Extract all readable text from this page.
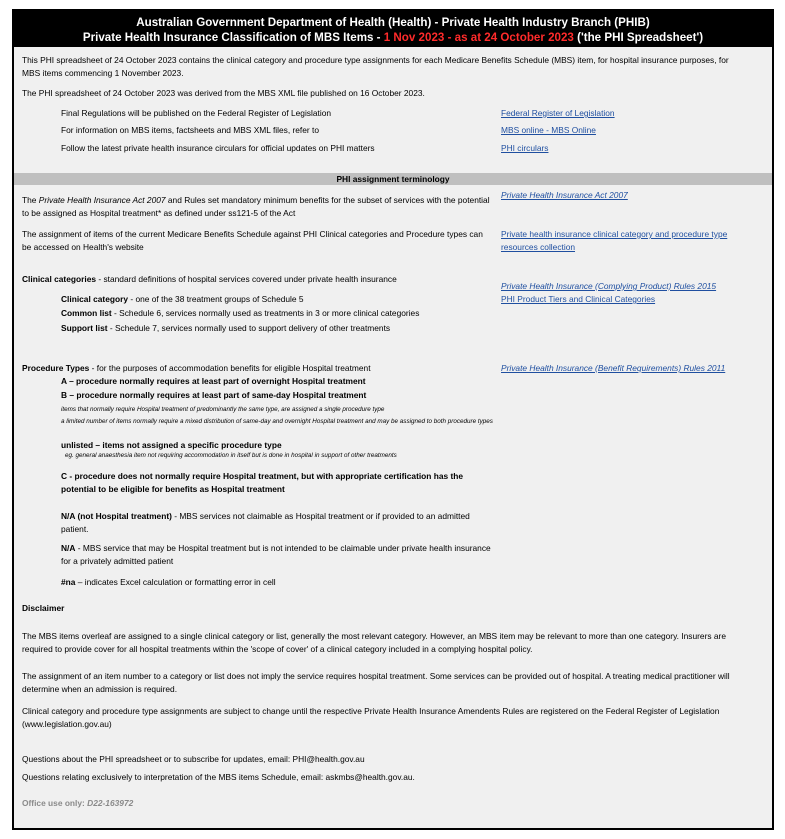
Australian Government Department of Health (Health) - Private Health Industry Branch (PHIB)
Private Health Insurance Classification of MBS Items - 1 Nov 2023 - as at 24 October 2023 ('the PHI Spreadsheet')
This PHI spreadsheet of 24 October 2023 contains the clinical category and procedure type assignments for each Medicare Benefits Schedule (MBS) item, for hospital insurance purposes, for MBS items commencing 1 November 2023.
The PHI spreadsheet of 24 October 2023 was derived from the MBS XML file published on 16 October 2023.
Final Regulations will be published on the Federal Register of Legislation	Federal Register of Legislation
For information on MBS items, factsheets and MBS XML files, refer to	MBS online - MBS Online
Follow the latest private health insurance circulars for official updates on PHI matters	PHI circulars
PHI assignment terminology
The Private Health Insurance Act 2007 and Rules set mandatory minimum benefits for the subset of services with the potential to be assigned as Hospital treatment* as defined under ss121-5 of the Act
Private Health Insurance Act 2007
The assignment of items of the current Medicare Benefits Schedule against PHI Clinical categories and Procedure types can be accessed on Health's website
Private health insurance clinical category and procedure type resources collection
Clinical categories - standard definitions of hospital services covered under private health insurance
Private Health Insurance (Complying Product) Rules 2015
PHI Product Tiers and Clinical Categories
Clinical category - one of the 38 treatment groups of Schedule 5
Common list - Schedule 6, services normally used as treatments in 3 or more clinical categories
Support list - Schedule 7, services normally used to support delivery of other treatments
Procedure Types - for the purposes of accommodation benefits for eligible Hospital treatment	Private Health Insurance (Benefit Requirements) Rules 2011
A – procedure normally requires at least part of overnight Hospital treatment
B – procedure normally requires at least part of same-day Hospital treatment
items that normally require Hospital treatment of predominantly the same type, are assigned a single procedure type
a limited number of items normally require a mixed distribution of same-day and overnight Hospital treatment and may be assigned to both procedure types
unlisted – items not assigned a specific procedure type
eg. general anaesthesia item not requiring accommodation in itself but is done in hospital in support of other treatments
C - procedure does not normally require Hospital treatment, but with appropriate certification has the potential to be eligible for benefits as Hospital treatment
N/A (not Hospital treatment) - MBS services not claimable as Hospital treatment or if provided to an admitted patient.
N/A - MBS service that may be Hospital treatment but is not intended to be claimable under private health insurance for a privately admitted patient
#na – indicates Excel calculation or formatting error in cell
Disclaimer
The MBS items overleaf are assigned to a single clinical category or list, generally the most relevant category. However, an MBS item may be relevant to more than one category. Insurers are required to provide cover for all hospital treatments within the 'scope of cover' of a clinical category included in a complying hospital policy.
The assignment of an item number to a category or list does not imply the service requires hospital treatment. Some services can be provided out of hospital. A treating medical practitioner will determine when an admission is required.
Clinical category and procedure type assignments are subject to change until the respective Private Health Insurance Amendents Rules are registered on the Federal Register of Legislation (www.legislation.gov.au)
Questions about the PHI spreadsheet or to subscribe for updates, email: PHI@health.gov.au
Questions relating exclusively to interpretation of the MBS items Schedule, email: askmbs@health.gov.au.
Office use only: D22-163972
